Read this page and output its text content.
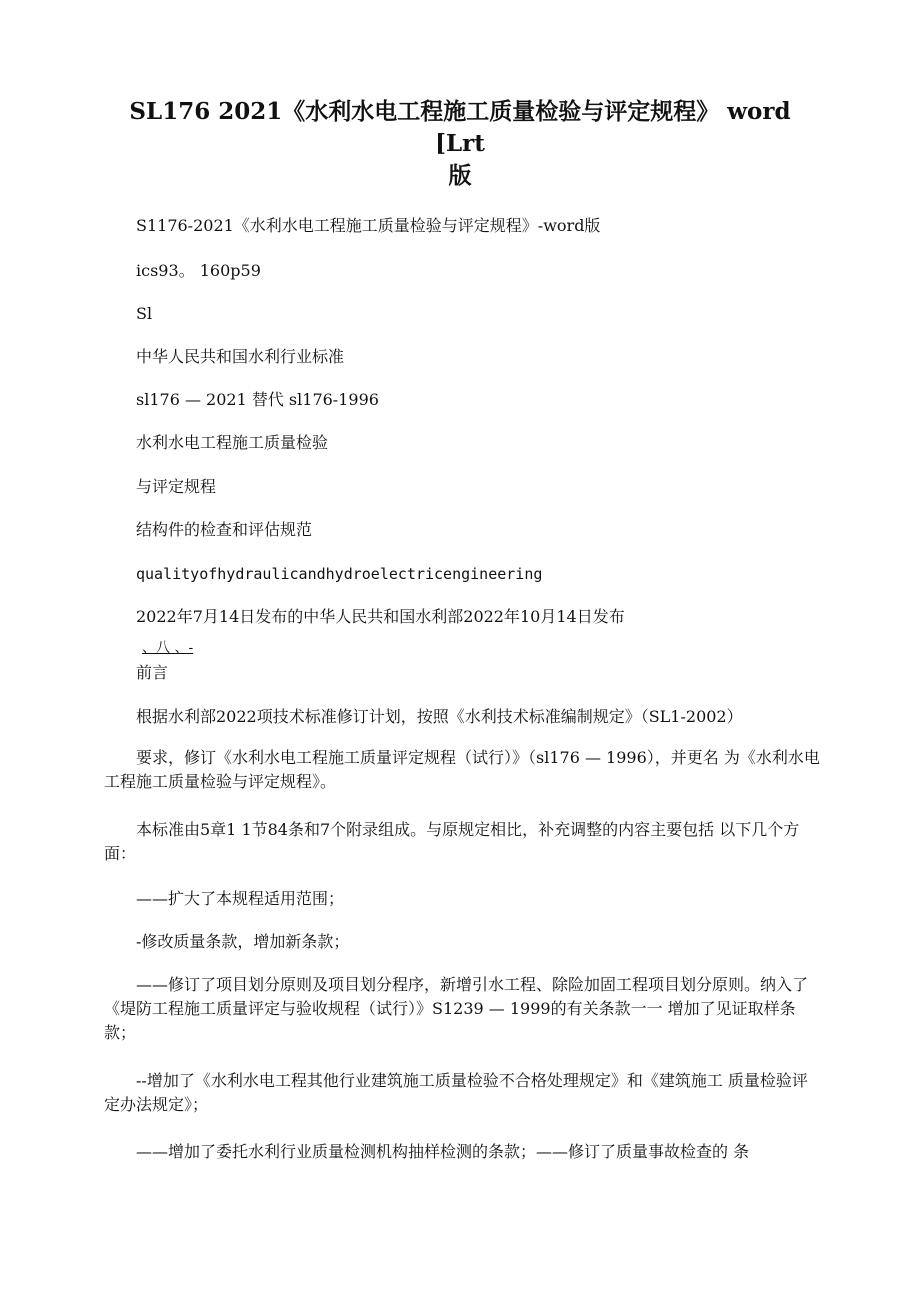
SL176 2021《水利水电工程施工质量检验与评定规程》 word
[Lrt
版
S1176-2021《水利水电工程施工质量检验与评定规程》-word版
ics93。 160p59
Sl
中华人民共和国水利行业标准
sl176 — 2021 替代 sl176-1996
水利水电工程施工质量检验
与评定规程
结构件的检查和评估规范
qualityofhydraulicandhydroelectricengineering
2022年7月14日发布的中华人民共和国水利部2022年10月14日发布
、八 、-
前言
根据水利部2022项技术标准修订计划，按照《水利技术标准编制规定》（SL1-2002）
要求，修订《水利水电工程施工质量评定规程（试行）》（sl176 — 1996），并更名 为《水利水电工程施工质量检验与评定规程》。
本标准由5章1 1节84条和7个附录组成。与原规定相比，补充调整的内容主要包括 以下几个方面：
——扩大了本规程适用范围；
-修改质量条款，增加新条款；
——修订了项目划分原则及项目划分程序，新增引水工程、除险加固工程项目划分原则。纳入了《堤防工程施工质量评定与验收规程（试行）》S1239 — 1999的有关条款一一 增加了见证取样条款；
--增加了《水利水电工程其他行业建筑施工质量检验不合格处理规定》和《建筑施工 质量检验评定办法规定》；
——增加了委托水利行业质量检测机构抽样检测的条款；——修订了质量事故检查的 条
